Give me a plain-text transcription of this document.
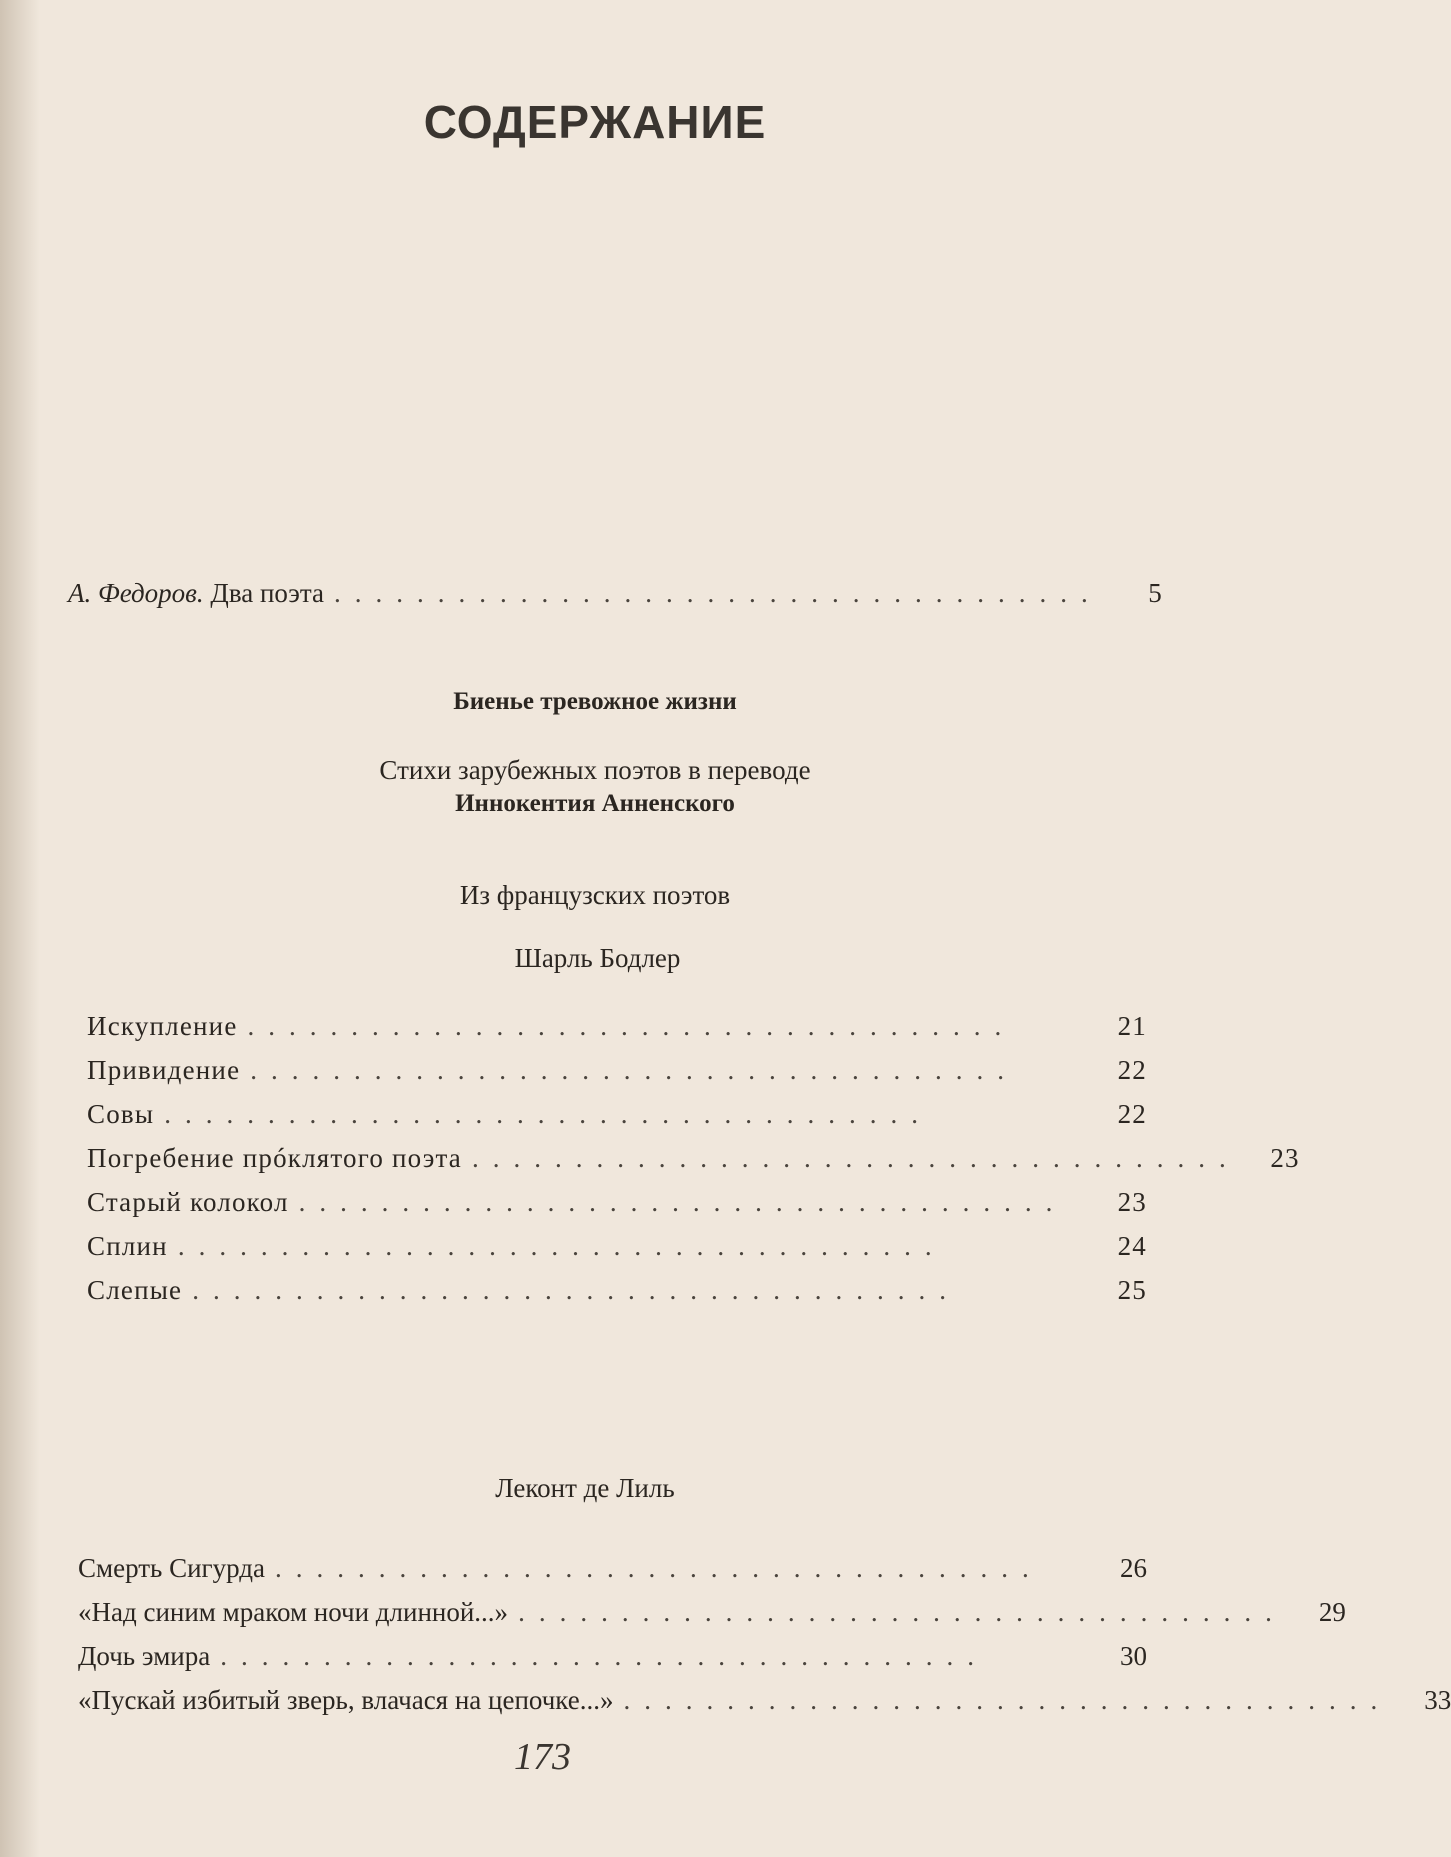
СОДЕРЖАНИЕ
А. Федоров. Два поэта .....................................	5
Биенье тревожное жизни
Стихи зарубежных поэтов в переводе
Иннокентия Анненского
Из французских поэтов
Шарль Бодлер
Искупление .....................................	21
Привидение .....................................	22
Совы .....................................	22
Погребение прóклятого поэта .....................................	23
Старый колокол .....................................	23
Сплин .....................................	24
Слепые .....................................	25
Леконт де Лиль
Смерть Сигурда .....................................	26
«Над синим мраком ночи длинной...» .....................................	29
Дочь эмира .....................................	30
«Пускай избитый зверь, влачася на цепочке...» .....................................	33
173
